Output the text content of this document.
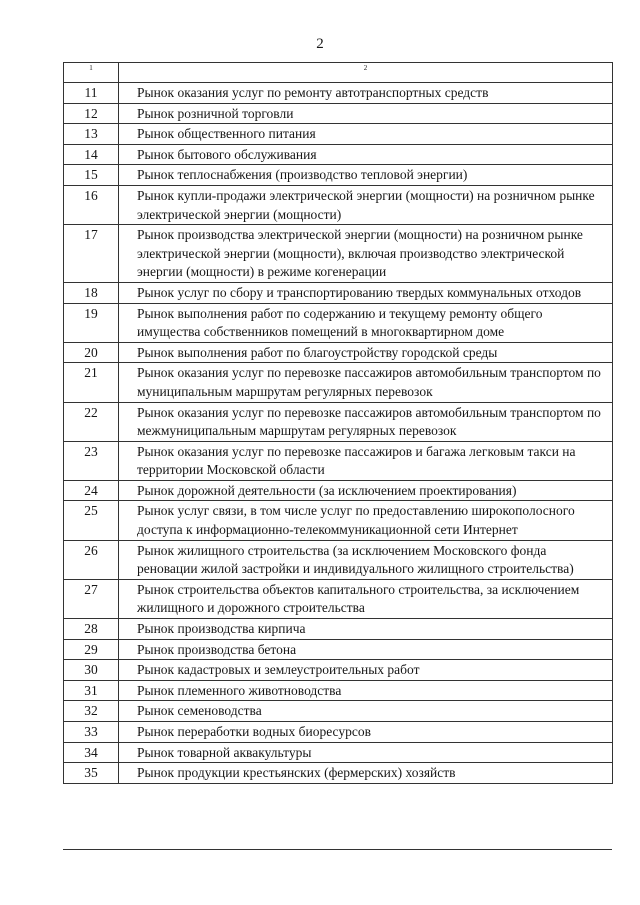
2
1	2
11	Рынок оказания услуг по ремонту автотранспортных средств
12	Рынок розничной торговли
13	Рынок общественного питания
14	Рынок бытового обслуживания
15	Рынок теплоснабжения (производство тепловой энергии)
16	Рынок купли-продажи электрической энергии (мощности) на розничном рынке электрической энергии (мощности)
17	Рынок производства электрической энергии (мощности) на розничном рынке электрической энергии (мощности), включая производство электрической энергии (мощности) в режиме когенерации
18	Рынок услуг по сбору и транспортированию твердых коммунальных отходов
19	Рынок выполнения работ по содержанию и текущему ремонту общего имущества собственников помещений в многоквартирном доме
20	Рынок выполнения работ по благоустройству городской среды
21	Рынок оказания услуг по перевозке пассажиров автомобильным транспортом по муниципальным маршрутам регулярных перевозок
22	Рынок оказания услуг по перевозке пассажиров автомобильным транспортом по межмуниципальным маршрутам регулярных перевозок
23	Рынок оказания услуг по перевозке пассажиров и багажа легковым такси на территории Московской области
24	Рынок дорожной деятельности (за исключением проектирования)
25	Рынок услуг связи, в том числе услуг по предоставлению широкополосного доступа к информационно-телекоммуникационной сети Интернет
26	Рынок жилищного строительства (за исключением Московского фонда реновации жилой застройки и индивидуального жилищного строительства)
27	Рынок строительства объектов капитального строительства, за исключением жилищного и дорожного строительства
28	Рынок производства кирпича
29	Рынок производства бетона
30	Рынок кадастровых и землеустроительных работ
31	Рынок племенного животноводства
32	Рынок семеноводства
33	Рынок переработки водных биоресурсов
34	Рынок товарной аквакультуры
35	Рынок продукции крестьянских (фермерских) хозяйств
